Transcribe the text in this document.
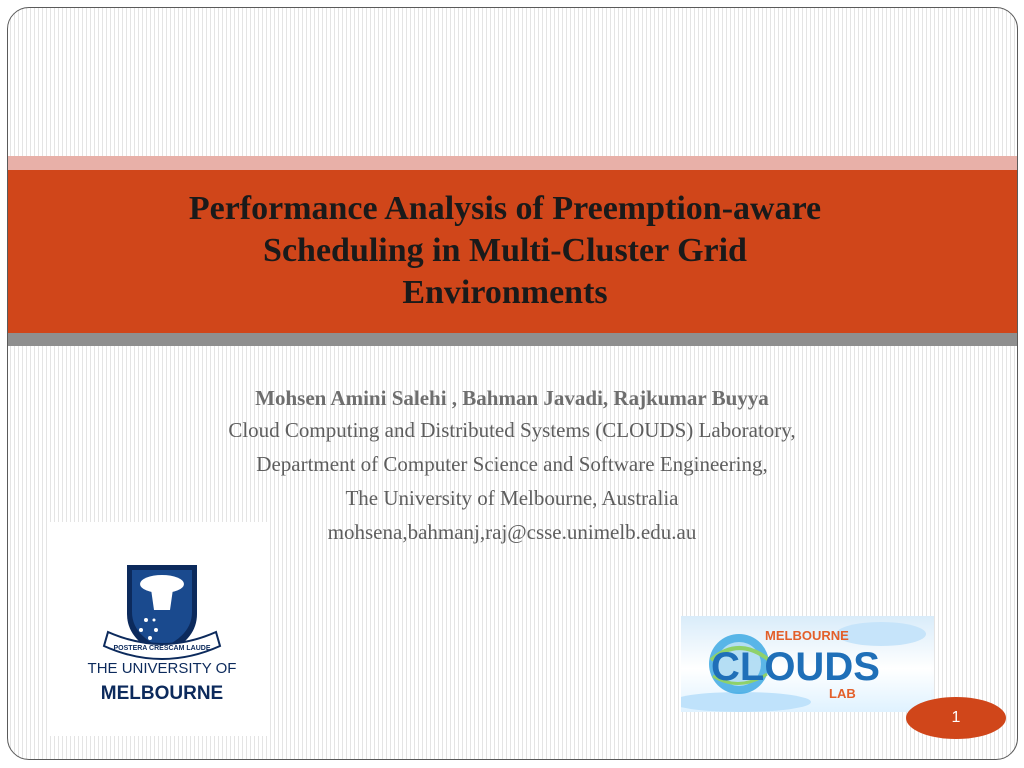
Performance Analysis of Preemption-aware
Scheduling in Multi-Cluster Grid
Environments
Mohsen Amini Salehi , Bahman Javadi, Rajkumar Buyya
Cloud Computing and Distributed Systems (CLOUDS) Laboratory,
Department of Computer Science and Software Engineering,
The University of Melbourne, Australia
mohsena,bahmanj,raj@csse.unimelb.edu.au
POSTERA CRESCAM LAUDE
THE UNIVERSITY OF
MELBOURNE
MELBOURNE
CLOUDS
LAB
1
